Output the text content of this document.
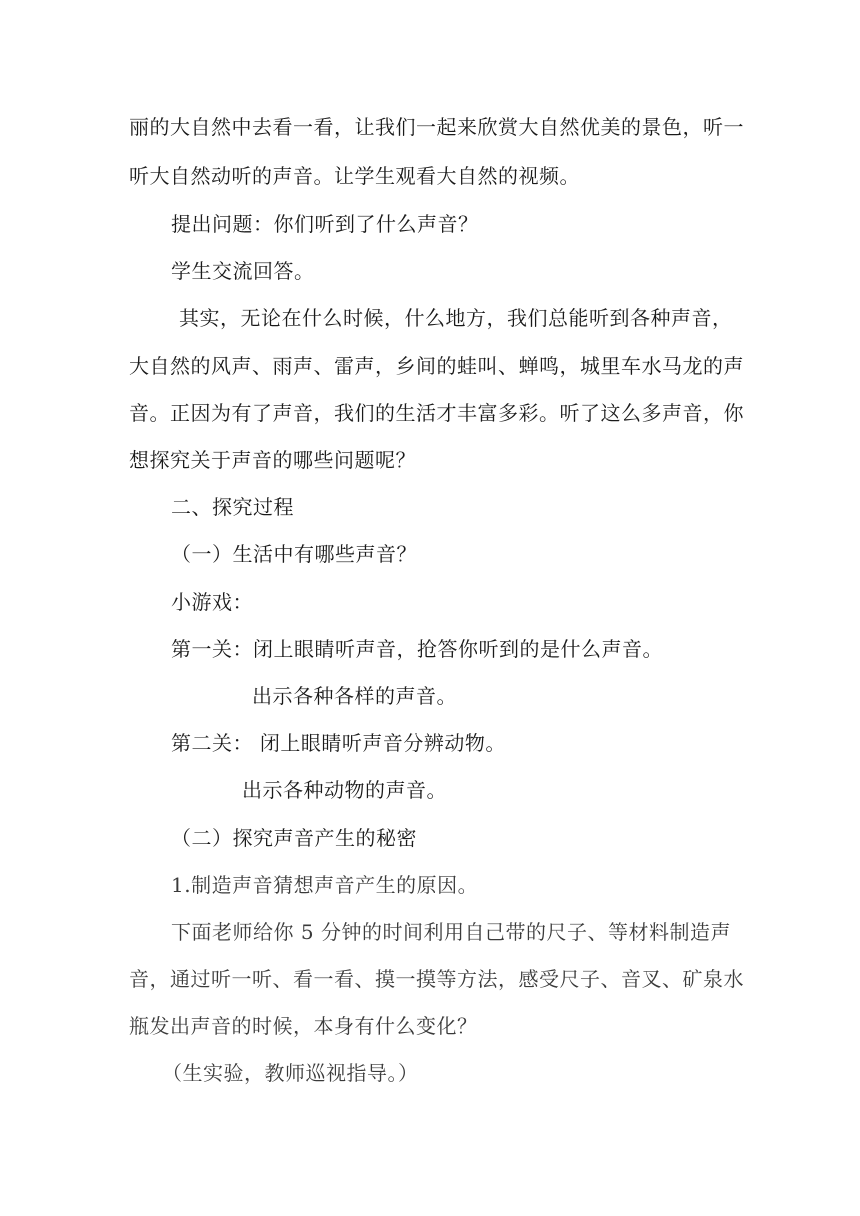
丽的大自然中去看一看，让我们一起来欣赏大自然优美的景色，听一
听大自然动听的声音。让学生观看大自然的视频。
提出问题：你们听到了什么声音？
学生交流回答。
其实，无论在什么时候，什么地方，我们总能听到各种声音，
大自然的风声、雨声、雷声，乡间的蛙叫、蝉鸣，城里车水马龙的声
音。正因为有了声音，我们的生活才丰富多彩。听了这么多声音，你
想探究关于声音的哪些问题呢？
二、探究过程
（一）生活中有哪些声音？
小游戏：
第一关：闭上眼睛听声音，抢答你听到的是什么声音。
出示各种各样的声音。
第二关： 闭上眼睛听声音分辨动物。
出示各种动物的声音。
（二）探究声音产生的秘密
1.制造声音猜想声音产生的原因。
下面老师给你 5 分钟的时间利用自己带的尺子、等材料制造声
音，通过听一听、看一看、摸一摸等方法，感受尺子、音叉、矿泉水
瓶发出声音的时候，本身有什么变化？
（生实验，教师巡视指导。）
